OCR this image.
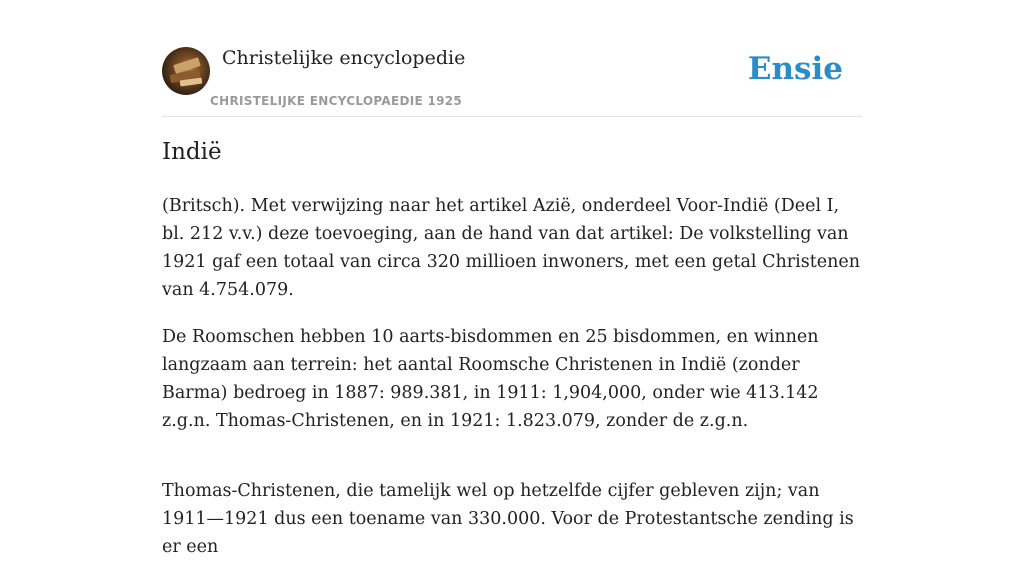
Christelijke encyclopedie
CHRISTELIJKE ENCYCLOPAEDIE 1925
Ensie
Indië

(Britsch). Met verwijzing naar het artikel Azië, onderdeel Voor-Indië (Deel I, bl. 212 v.v.) deze toevoeging, aan de hand van dat artikel: De volkstelling van 1921 gaf een totaal van circa 320 millioen inwoners, met een getal Christenen van 4.754.079.

De Roomschen hebben 10 aarts-bisdommen en 25 bisdommen, en winnen langzaam aan terrein: het aantal Roomsche Christenen in Indië (zonder Barma) bedroeg in 1887: 989.381, in 1911: 1,904,000, onder wie 413.142 z.g.n. Thomas-Christenen, en in 1921: 1.823.079, zonder de z.g.n.

Thomas-Christenen, die tamelijk wel op hetzelfde cijfer gebleven zijn; van 1911—1921 dus een toename van 330.000. Voor de Protestantsche zending is er een
